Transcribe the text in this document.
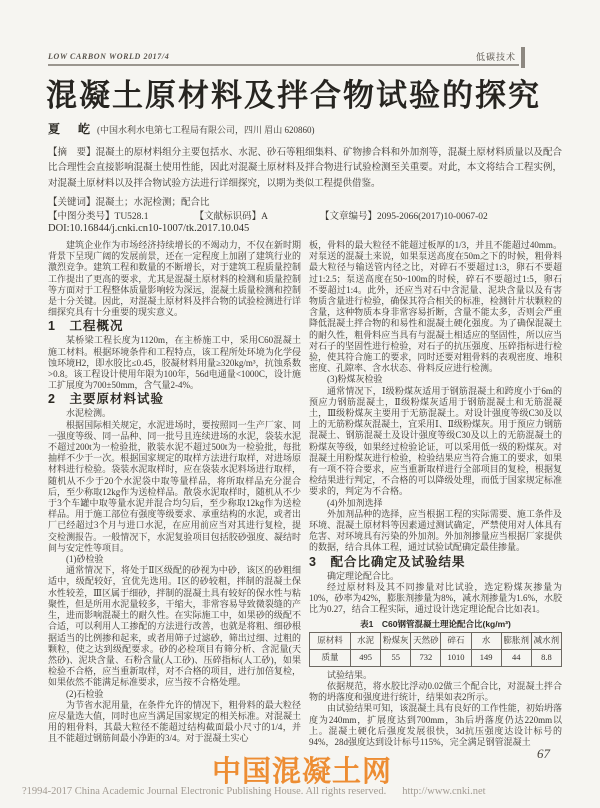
LOW CARBON WORLD 2017/4	低碳技术
混凝土原材料及拌合物试验的探究
夏　屹 (中国水利水电第七工程局有限公司，四川 眉山 620860)
【摘　要】混凝土的原材料组分主要包括水、水泥、砂石等粗细集料、矿物掺合料和外加剂等，混凝土原材料质量以及配合比合理性会直接影响混凝土使用性能，因此对混凝土原材料及拌合物进行试验检测至关重要。对此，本文将结合工程实例，对混凝土原材料以及拌合物试验方法进行详细探究，以期为类似工程提供借鉴。
【关键词】混凝土；水泥检测；配合比
【中图分类号】TU528.1	【文献标识码】A	【文章编号】2095-2066(2017)10-0067-02
DOI:10.16844/j.cnki.cn10-1007/tk.2017.10.045

建筑企业作为市场经济持续增长的不竭动力，不仅在新时期背景下呈现广阔的发展前景，还在一定程度上加剧了建筑行业的激烈竞争。建筑工程和数量的不断增长，对于建筑工程质量控制工作提出了更高的要求，尤其是混凝土原材料的检测和质量控制等方面对于工程整体质量影响较为深远，混凝土质量检测和控制是十分关键。因此，对混凝土原材料及拌合物的试验检测进行详细探究具有十分重要的现实意义。

1　工程概况

某桥梁工程长度为1120m，在主桥施工中，采用C60混凝土施工材料。根据环境条件和工程特点，该工程所处环境为化学侵蚀环境H2，即水胶比≤0.45，胶凝材料用量≥320kg/m³，抗蚀系数>0.8。该工程设计使用年限为100年，56d电通量<1000C，设计施工扩展度为700±50mm，含气量2-4%。

2　主要原材料试验

水泥检测。

根据国际相关规定，水泥进场时，要按照同一生产厂家、同一强度等级、同一品种、同一批号且连续进场的水泥，袋装水泥不超过200t为一检验批，散装水泥不超过500t为一检验批，每批抽样不少于一次。根据国家规定的取样方法进行取样，对进场原材料进行检验。袋装水泥取样时，应在袋装水泥料场进行取样，随机从不少于20个水泥袋中取等量样品，将所取样品充分混合后，至少称取12kg作为送检样品。散袋水泥取样时，随机从不少于3个车罐中取等量水泥并混合均匀后，至少称取12kg作为送检样品。用于施工部位有强度等级要求、承重结构的水泥，或者出厂已经超过3个月与进口水泥，在应用前应当对其进行复检，提交检测报告。一般情况下，水泥复验项目包括胶砂强度、凝结时间与安定性等项目。

(1)砂检验

通常情况下，将处于Ⅱ区级配的砂视为中砂，该区的砂粗细适中，级配较好，宜优先选用。Ⅰ区的砂较粗，拌制的混凝土保水性较差，Ⅲ区属于细砂，拌制的混凝土具有较好的保水性与粘聚性，但是所用水泥量较多，干缩大，非常容易导致微裂缝的产生，进而影响混凝土的耐久性。在实际施工中，如果砂的级配不合适，可以利用人工掺配的方法进行改善，也就是将粗、细砂根据适当的比例掺和起来，或者用筛子过滤砂，筛出过细、过粗的颗粒，使之达到级配要求。砂的必检项目有筛分析、含泥量(天然砂)、泥块含量、石粉含量(人工砂)、压碎指标(人工砂)，如果检验不合格，应当重新取样，对不合格的项目，进行加倍复检，如果依然不能满足标准要求，应当按不合格处理。

(2)石检验

为节省水泥用量，在条件允许的情况下，粗骨料的最大粒径应尽量选大值，同时也应当满足国家规定的相关标准。对混凝土用的粗骨料，其最大粒径不能超过结构截面最小尺寸的1/4，并且不能超过钢筋间最小净距的3/4。对于混凝土实心

板，骨料的最大粒径不能超过板厚的1/3，并且不能超过40mm。对泵送的混凝土来说，如果泵送高度在50m之下的时候，粗骨料最大粒径与输送管内径之比，对碎石不要超过1:3，卵石不要超过1:2.5；泵送高度在50~100m的时候，碎石不要超过1:5，卵石不要超过1:4。此外，还应当对石中含泥量、泥块含量以及有害物质含量进行检验，确保其符合相关的标准，检测针片状颗粒的含量，这种物质本身非常容易折断，含量不能太多，否则会严重降低混凝土拌合物的和易性和混凝土硬化强度。为了确保混凝土的耐久性，粗骨料应当具有与混凝土相适应的坚固性，所以应当对石子的坚固性进行检验，对石子的抗压强度、压碎指标进行检验，使其符合施工的要求，同时还要对粗骨料的表观密度、堆积密度、孔隙率、含水状态、骨料反应进行检测。

(3)粉煤灰检验

通常情况下，Ⅰ级粉煤灰适用于钢筋混凝土和跨度小于6m的预应力钢筋混凝土，Ⅱ级粉煤灰适用于钢筋混凝土和无筋混凝土，Ⅲ级粉煤灰主要用于无筋混凝土。对设计强度等级C30及以上的无筋粉煤灰混凝土，宜采用Ⅰ、Ⅱ级粉煤灰。用于预应力钢筋混凝土、钢筋混凝土及设计强度等级C30及以上的无筋混凝土的粉煤灰等级，如果经过检验论证，可以采用低一级的粉煤灰。对混凝土用粉煤灰进行检验，检验结果应当符合施工的要求，如果有一项不符合要求，应当重新取样进行全部项目的复检，根据复检结果进行判定，不合格的可以降级处理，而低于国家规定标准要求的，判定为不合格。

(4)外加剂选择

外加剂品种的选择，应当根据工程的实际需要、施工条件及环境、混凝土原材料等因素通过测试确定，严禁使用对人体具有危害、对环境具有污染的外加剂。外加剂掺量应当根据厂家提供的数据，结合具体工程，通过试验试配确定最佳掺量。

3　配合比确定及试验结果

确定理论配合比。

经过原材料及其不同掺量对比试验，选定粉煤灰掺量为10%，砂率为42%，膨胀剂掺量为8%，减水剂掺量为1.6%，水胶比为0.27，结合工程实际，通过设计选定理论配合比如表1。

表1　C60钢管混凝土理论配合比(kg/m³)
原材料	水泥	粉煤灰	天然砂	碎石	水	膨胀剂	减水剂
质量	495	55	732	1010	149	44	8.8

试验结果。

依据规范，将水胶比浮动0.02做三个配合比，对混凝土拌合物的坍落度和强度进行统计，结果如表2所示。

由试验结果可知，该混凝土具有良好的工作性能，初始坍落度为240mm，扩展度达到700mm，3h后坍落度仍达220mm以上。混凝土硬化后强度发展很快，3d抗压强度达设计标号的94%，28d强度达到设计标号115%，完全满足钢管混凝土

67
中国混凝土网
?1994-2017 China Academic Journal Electronic Publishing House. All rights reserved. http://www.cnki.net
